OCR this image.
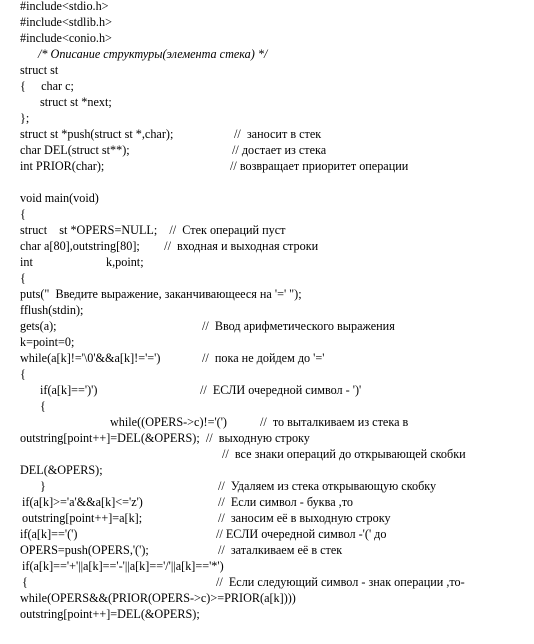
#include<stdio.h>
#include<stdlib.h>
#include<conio.h>
/* Описание структуры(элемента стека) */
struct st
{     char c;
struct st *next;
};
struct st *push(struct st *,char);	//  заносит в стек
char DEL(struct st**);	// достает из стека
int PRIOR(char);	// возвращает приоритет операции
void main(void)
{
struct    st *OPERS=NULL;    //  Стек операций пуст
char a[80],outstring[80];        //  входная и выходная строки
int	k,point;
{
puts("  Введите выражение, заканчивающееся на '=' ");
fflush(stdin);
gets(a);	//  Ввод арифметического выражения
k=point=0;
while(a[k]!='\0'&&a[k]!='=')	//  пока не дойдем до '='
{
if(a[k]==')')	//  ЕСЛИ очередной символ - ')'
{
while((OPERS->c)!='(')	//  то выталкиваем из стека в
outstring[point++]=DEL(&OPERS);  //  выходную строку
//  все знаки операций до открывающей скобки
DEL(&OPERS);
}	//  Удаляем из стека открывающую скобку
if(a[k]>='a'&&a[k]<='z')	//  Если символ - буква ,то
outstring[point++]=a[k];	//  заносим её в выходную строку
if(a[k]=='(')	// ЕСЛИ очередной символ -'(' до
OPERS=push(OPERS,'(');	//  заталкиваем её в стек
if(a[k]=='+'||a[k]=='-'||a[k]=='/'||a[k]=='*')
{	//  Если следующий символ - знак операции ,то-
while(OPERS&&(PRIOR(OPERS->c)>=PRIOR(a[k])))
outstring[point++]=DEL(&OPERS);
